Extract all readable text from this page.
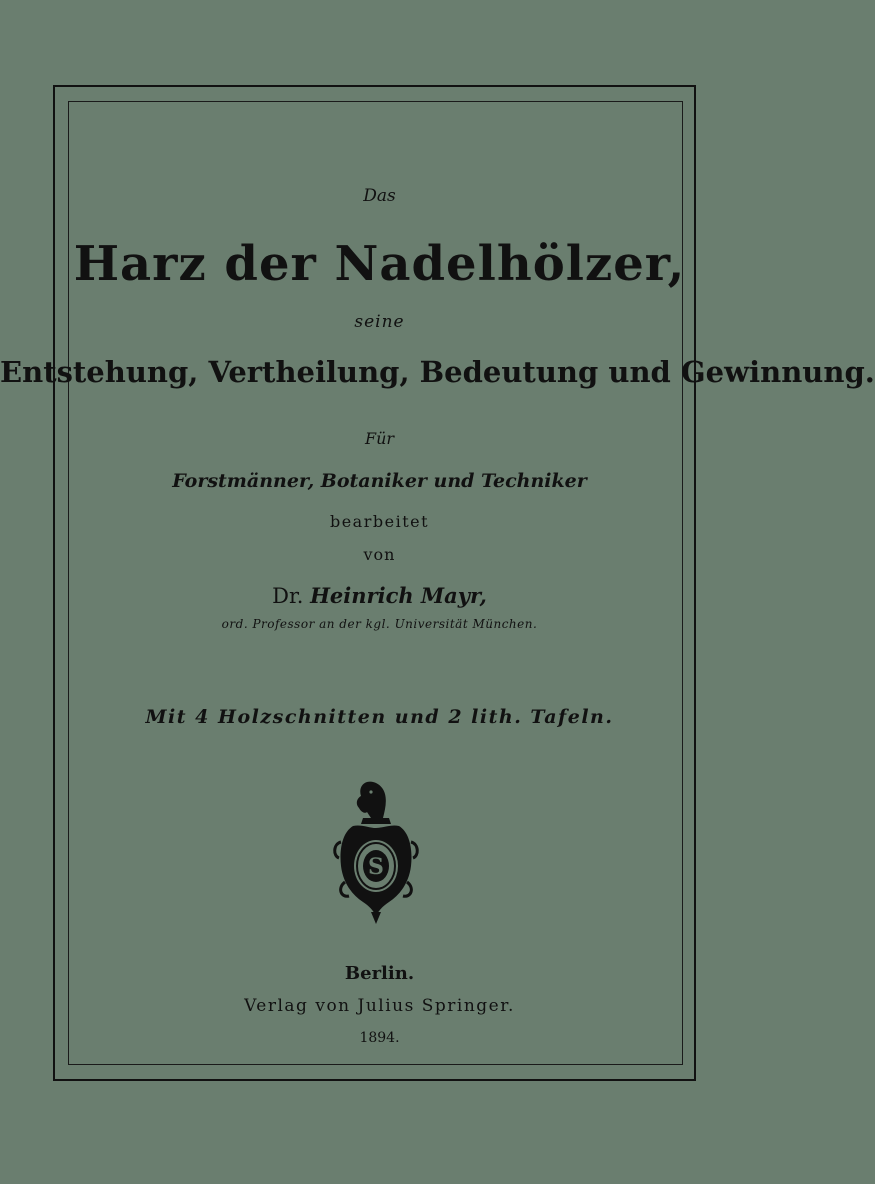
Das
Harz der Nadelhölzer,
seine
Entstehung, Vertheilung, Bedeutung und Gewinnung.
Für
Forstmänner, Botaniker und Techniker
bearbeitet
von
Dr. Heinrich Mayr,
ord. Professor an der kgl. Universität München.
Mit 4 Holzschnitten und 2 lith. Tafeln.
S
Berlin.
Verlag von Julius Springer.
1894.
